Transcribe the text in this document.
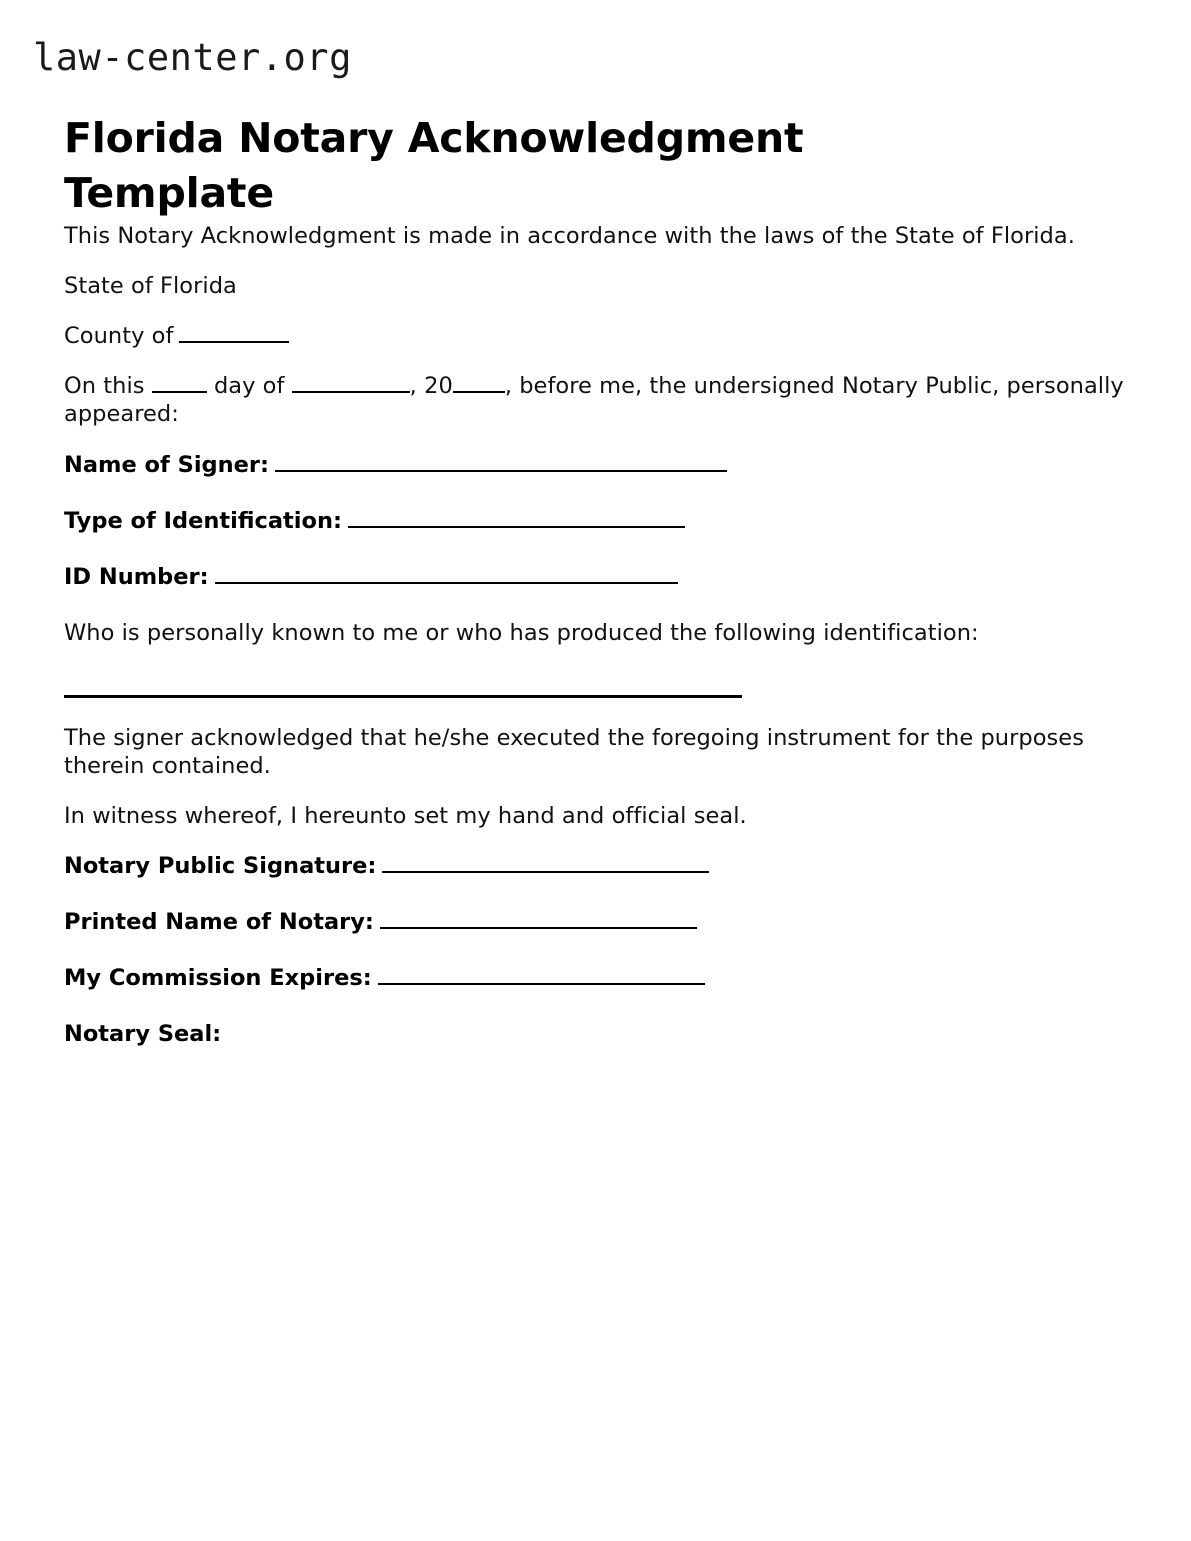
law-center.org
Florida Notary Acknowledgment Template

This Notary Acknowledgment is made in accordance with the laws of the State of Florida.

State of Florida

County of

On this	day of	, 20 , before me, the undersigned Notary Public, personally appeared:

Name of Signer:

Type of Identification:

ID Number:

Who is personally known to me or who has produced the following identification:

The signer acknowledged that he/she executed the foregoing instrument for the purposes therein contained.

In witness whereof, I hereunto set my hand and official seal.

Notary Public Signature:

Printed Name of Notary:

My Commission Expires:

Notary Seal:
